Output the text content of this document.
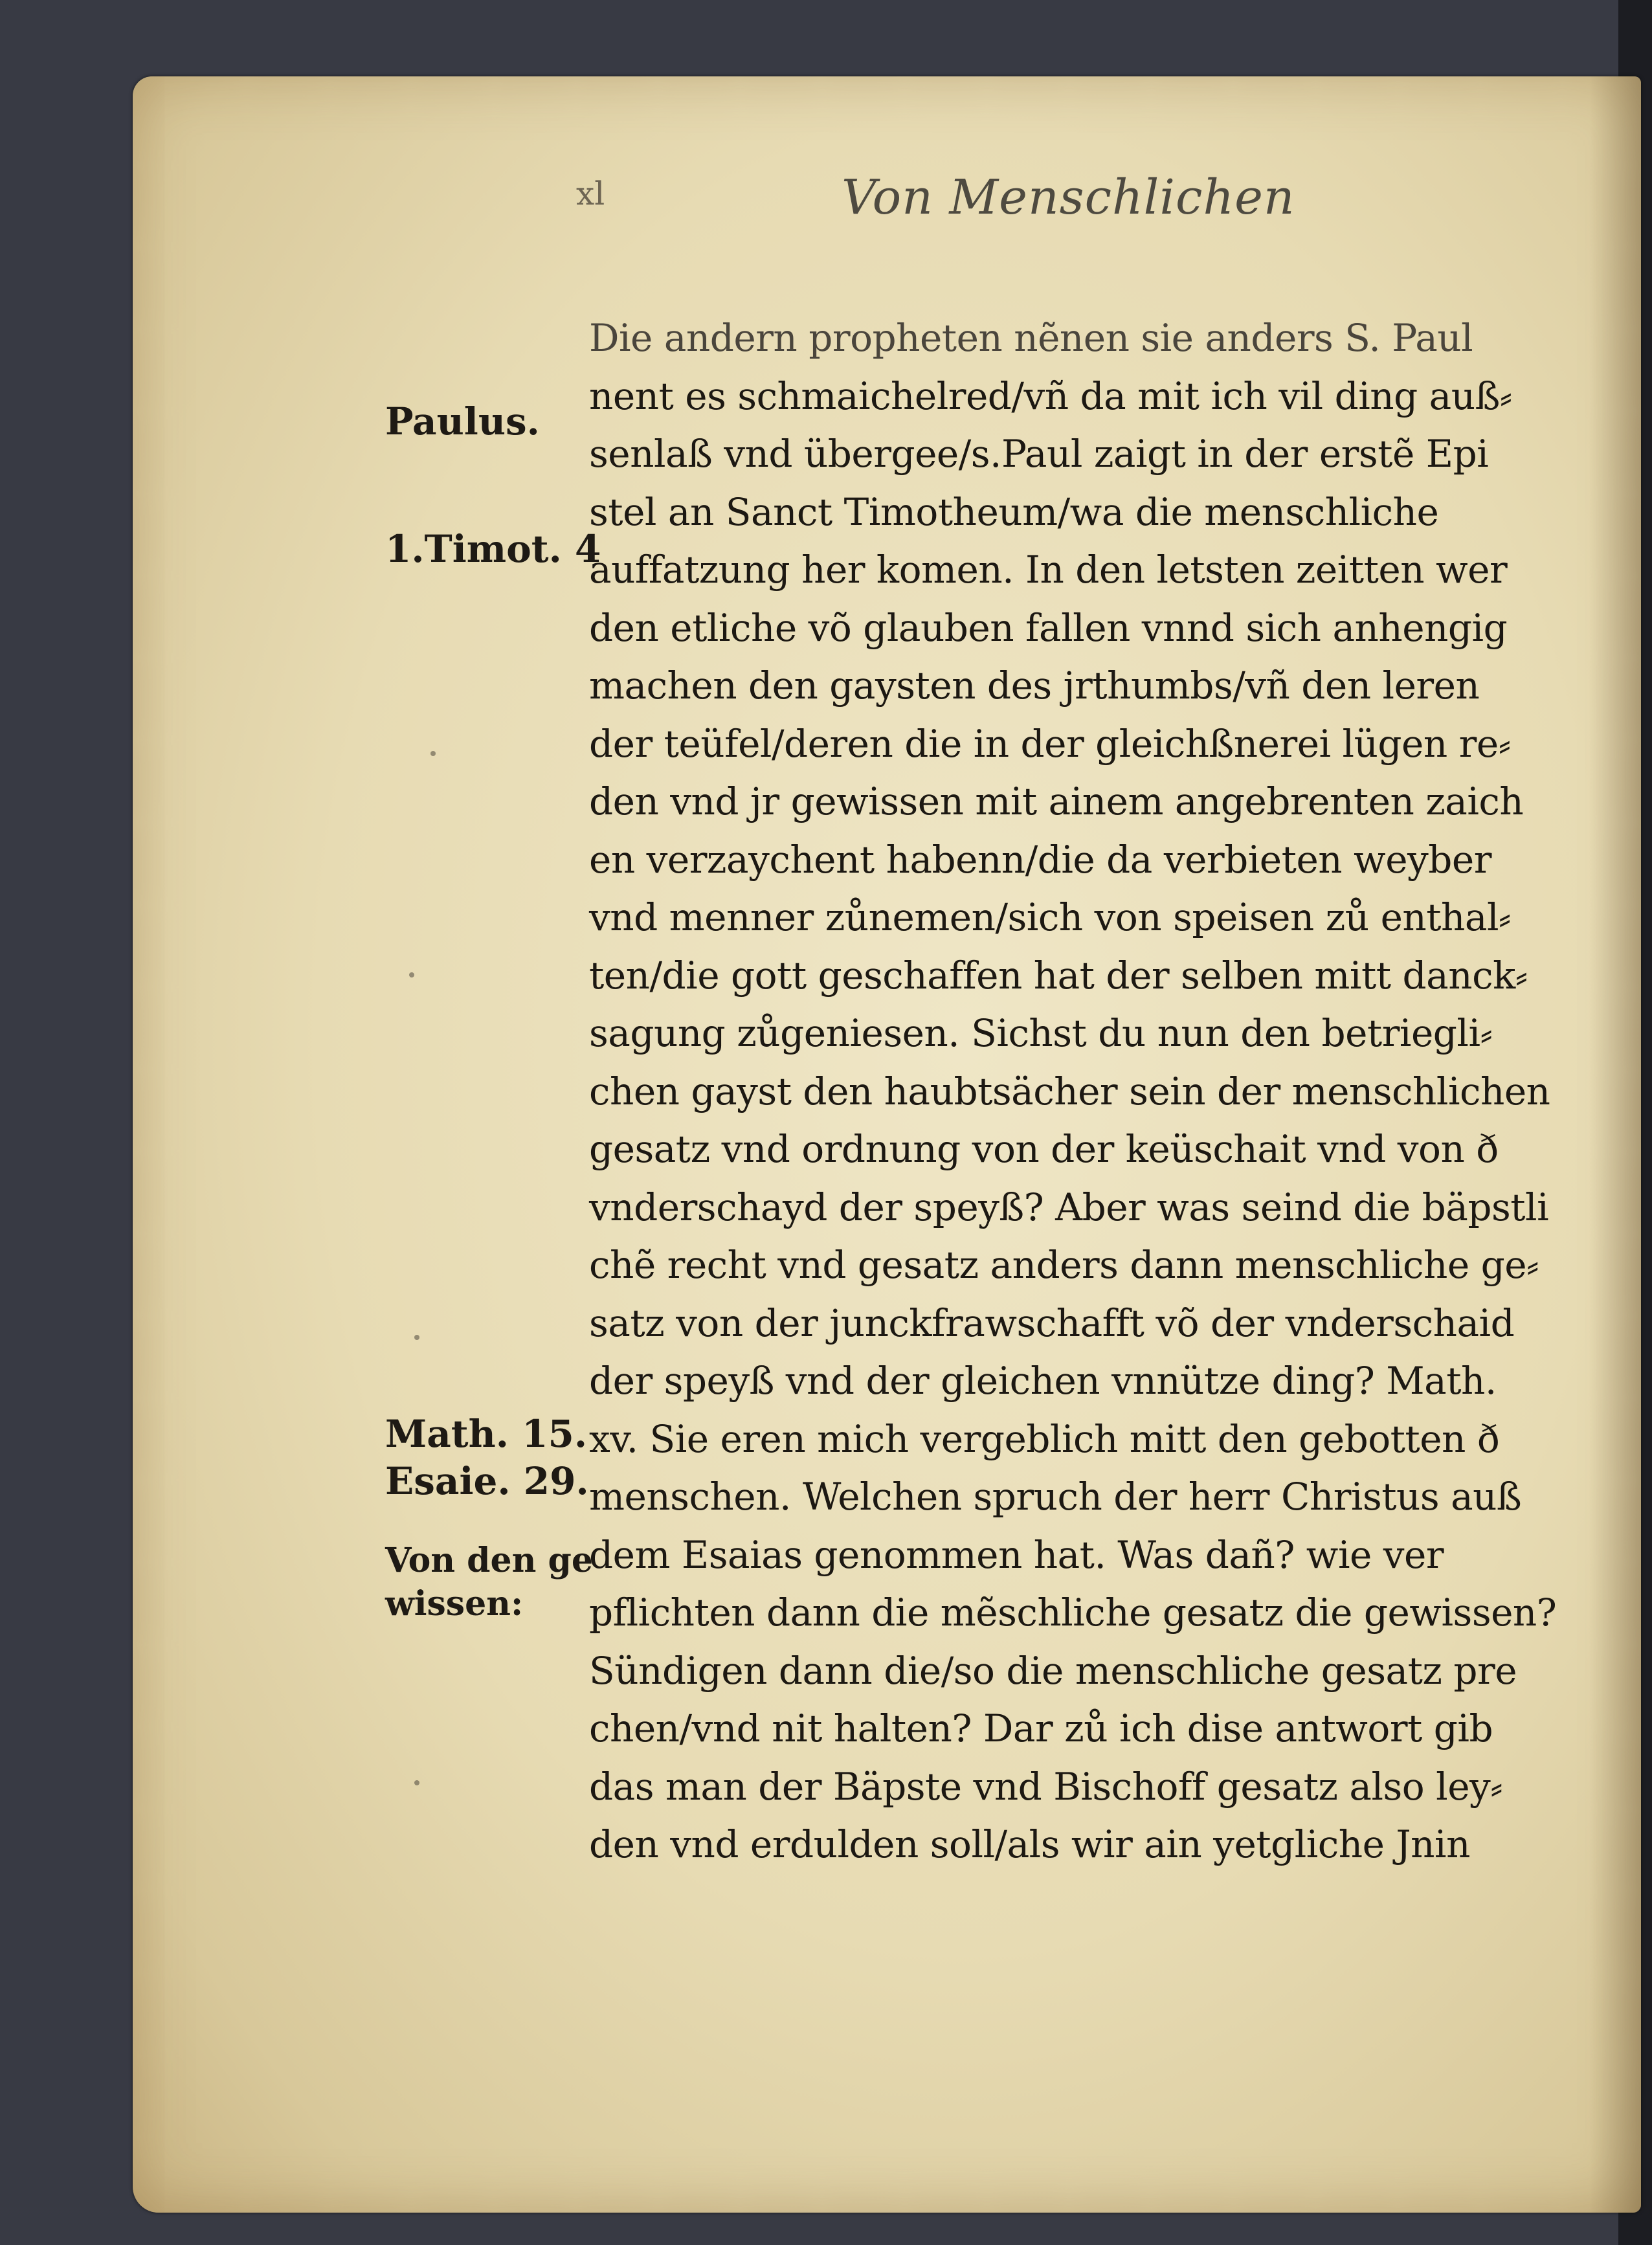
xl	Von Menschlichen
Paulus.
1.Timot. 4
Math. 15.
Esaie. 29.
Von den ge
wissen:
Die andern propheten nẽnen sie anders S. Paul
nent es schmaichelred/vñ da mit ich vil ding auß⸗
senlaß vnd übergee/s.Paul zaigt in der erstẽ Epi
stel an Sanct Timotheum/wa die menschliche
auffatzung her komen. In den letsten zeitten wer
den etliche võ glauben fallen vnnd sich anhengig
machen den gaysten des jrthumbs/vñ den leren
der teüfel/deren die in der gleichßnerei lügen re⸗
den vnd jr gewissen mit ainem angebrenten zaich
en verzaychent habenn/die da verbieten weyber
vnd menner zůnemen/sich von speisen zů enthal⸗
ten/die gott geschaffen hat der selben mitt danck⸗
sagung zůgeniesen. Sichst du nun den betriegli⸗
chen gayst den haubtsächer sein der menschlichen
gesatz vnd ordnung von der keüschait vnd von ð
vnderschayd der speyß? Aber was seind die bäpstli
chẽ recht vnd gesatz anders dann menschliche ge⸗
satz von der junckfrawschafft võ der vnderschaid
der speyß vnd der gleichen vnnütze ding? Math.
xv. Sie eren mich vergeblich mitt den gebotten ð
menschen. Welchen spruch der herr Christus auß
dem Esaias genommen hat. Was dañ? wie ver
pflichten dann die mẽschliche gesatz die gewissen?
Sündigen dann die/so die menschliche gesatz pre
chen/vnd nit halten? Dar zů ich dise antwort gib
das man der Bäpste vnd Bischoff gesatz also ley⸗
den vnd erdulden soll/als wir ain yetgliche Jnin
